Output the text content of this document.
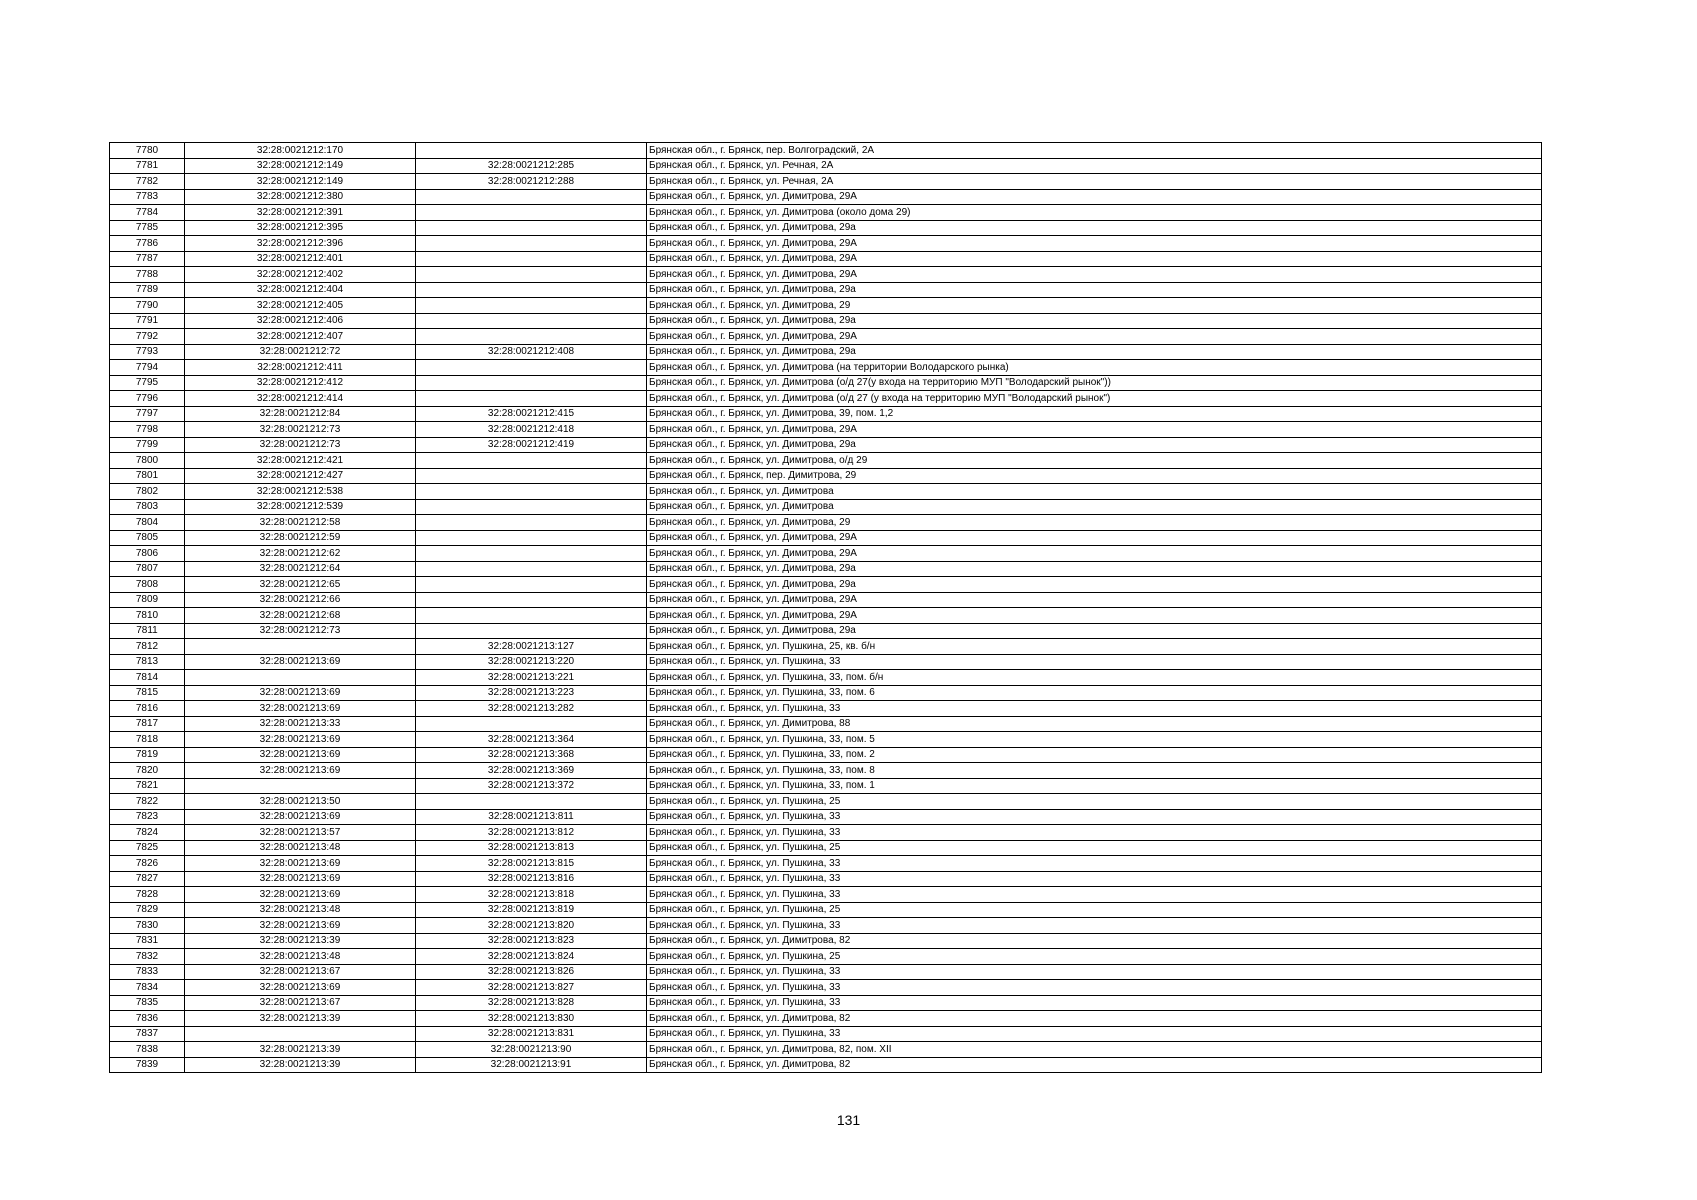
7780	32:28:0021212:170		Брянская обл., г. Брянск, пер. Волгоградский, 2А
7781	32:28:0021212:149	32:28:0021212:285	Брянская обл., г. Брянск, ул. Речная, 2А
7782	32:28:0021212:149	32:28:0021212:288	Брянская обл., г. Брянск, ул. Речная, 2А
7783	32:28:0021212:380		Брянская обл., г. Брянск, ул. Димитрова, 29А
7784	32:28:0021212:391		Брянская обл., г. Брянск, ул. Димитрова (около дома 29)
7785	32:28:0021212:395		Брянская обл., г. Брянск, ул. Димитрова, 29а
7786	32:28:0021212:396		Брянская обл., г. Брянск, ул. Димитрова, 29А
7787	32:28:0021212:401		Брянская обл., г. Брянск, ул. Димитрова, 29А
7788	32:28:0021212:402		Брянская обл., г. Брянск, ул. Димитрова, 29А
7789	32:28:0021212:404		Брянская обл., г. Брянск, ул. Димитрова, 29а
7790	32:28:0021212:405		Брянская обл., г. Брянск, ул. Димитрова, 29
7791	32:28:0021212:406		Брянская обл., г. Брянск, ул. Димитрова, 29а
7792	32:28:0021212:407		Брянская обл., г. Брянск, ул. Димитрова, 29А
7793	32:28:0021212:72	32:28:0021212:408	Брянская обл., г. Брянск, ул. Димитрова, 29а
7794	32:28:0021212:411		Брянская обл., г. Брянск, ул. Димитрова (на территории Володарского рынка)
7795	32:28:0021212:412		Брянская обл., г. Брянск, ул. Димитрова (о/д 27(у входа на территорию МУП "Володарский рынок"))
7796	32:28:0021212:414		Брянская обл., г. Брянск, ул. Димитрова (о/д 27 (у входа на территорию МУП "Володарский рынок")
7797	32:28:0021212:84	32:28:0021212:415	Брянская обл., г. Брянск, ул. Димитрова, 39, пом. 1,2
7798	32:28:0021212:73	32:28:0021212:418	Брянская обл., г. Брянск, ул. Димитрова, 29А
7799	32:28:0021212:73	32:28:0021212:419	Брянская обл., г. Брянск, ул. Димитрова, 29а
7800	32:28:0021212:421		Брянская обл., г. Брянск, ул. Димитрова, о/д 29
7801	32:28:0021212:427		Брянская обл., г. Брянск, пер. Димитрова, 29
7802	32:28:0021212:538		Брянская обл., г. Брянск, ул. Димитрова
7803	32:28:0021212:539		Брянская обл., г. Брянск, ул. Димитрова
7804	32:28:0021212:58		Брянская обл., г. Брянск, ул. Димитрова, 29
7805	32:28:0021212:59		Брянская обл., г. Брянск, ул. Димитрова, 29А
7806	32:28:0021212:62		Брянская обл., г. Брянск, ул. Димитрова, 29А
7807	32:28:0021212:64		Брянская обл., г. Брянск, ул. Димитрова, 29а
7808	32:28:0021212:65		Брянская обл., г. Брянск, ул. Димитрова, 29а
7809	32:28:0021212:66		Брянская обл., г. Брянск, ул. Димитрова, 29А
7810	32:28:0021212:68		Брянская обл., г. Брянск, ул. Димитрова, 29А
7811	32:28:0021212:73		Брянская обл., г. Брянск, ул. Димитрова, 29а
7812		32:28:0021213:127	Брянская обл., г. Брянск, ул. Пушкина, 25, кв. б/н
7813	32:28:0021213:69	32:28:0021213:220	Брянская обл., г. Брянск, ул. Пушкина, 33
7814		32:28:0021213:221	Брянская обл., г. Брянск, ул. Пушкина, 33, пом. б/н
7815	32:28:0021213:69	32:28:0021213:223	Брянская обл., г. Брянск, ул. Пушкина, 33, пом. 6
7816	32:28:0021213:69	32:28:0021213:282	Брянская обл., г. Брянск, ул. Пушкина, 33
7817	32:28:0021213:33		Брянская обл., г. Брянск, ул. Димитрова, 88
7818	32:28:0021213:69	32:28:0021213:364	Брянская обл., г. Брянск, ул. Пушкина, 33, пом. 5
7819	32:28:0021213:69	32:28:0021213:368	Брянская обл., г. Брянск, ул. Пушкина, 33, пом. 2
7820	32:28:0021213:69	32:28:0021213:369	Брянская обл., г. Брянск, ул. Пушкина, 33, пом. 8
7821		32:28:0021213:372	Брянская обл., г. Брянск, ул. Пушкина, 33, пом. 1
7822	32:28:0021213:50		Брянская обл., г. Брянск, ул. Пушкина, 25
7823	32:28:0021213:69	32:28:0021213:811	Брянская обл., г. Брянск, ул. Пушкина, 33
7824	32:28:0021213:57	32:28:0021213:812	Брянская обл., г. Брянск, ул. Пушкина, 33
7825	32:28:0021213:48	32:28:0021213:813	Брянская обл., г. Брянск, ул. Пушкина, 25
7826	32:28:0021213:69	32:28:0021213:815	Брянская обл., г. Брянск, ул. Пушкина, 33
7827	32:28:0021213:69	32:28:0021213:816	Брянская обл., г. Брянск, ул. Пушкина, 33
7828	32:28:0021213:69	32:28:0021213:818	Брянская обл., г. Брянск, ул. Пушкина, 33
7829	32:28:0021213:48	32:28:0021213:819	Брянская обл., г. Брянск, ул. Пушкина, 25
7830	32:28:0021213:69	32:28:0021213:820	Брянская обл., г. Брянск, ул. Пушкина, 33
7831	32:28:0021213:39	32:28:0021213:823	Брянская обл., г. Брянск, ул. Димитрова, 82
7832	32:28:0021213:48	32:28:0021213:824	Брянская обл., г. Брянск, ул. Пушкина, 25
7833	32:28:0021213:67	32:28:0021213:826	Брянская обл., г. Брянск, ул. Пушкина, 33
7834	32:28:0021213:69	32:28:0021213:827	Брянская обл., г. Брянск, ул. Пушкина, 33
7835	32:28:0021213:67	32:28:0021213:828	Брянская обл., г. Брянск, ул. Пушкина, 33
7836	32:28:0021213:39	32:28:0021213:830	Брянская обл., г. Брянск, ул. Димитрова, 82
7837		32:28:0021213:831	Брянская обл., г. Брянск, ул. Пушкина, 33
7838	32:28:0021213:39	32:28:0021213:90	Брянская обл., г. Брянск, ул. Димитрова, 82, пом. XII
7839	32:28:0021213:39	32:28:0021213:91	Брянская обл., г. Брянск, ул. Димитрова, 82
131
